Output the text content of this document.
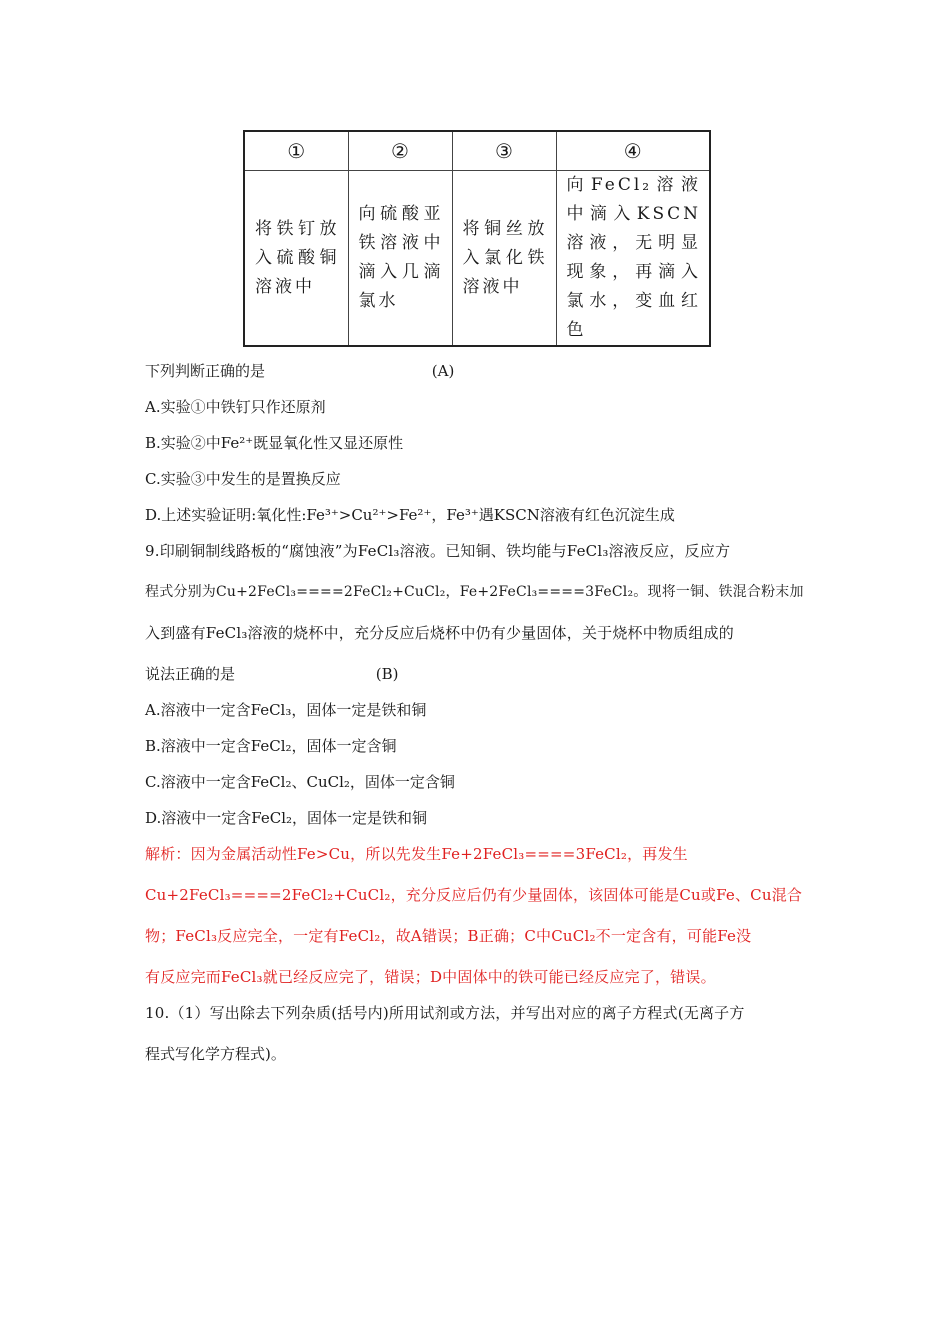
①	②	③	④
将铁钉放入硫酸铜溶液中	向硫酸亚铁溶液中滴入几滴氯水	将铜丝放入氯化铁溶液中	向FeCl₂溶液中滴入KSCN溶液，无明显现象，再滴入氯水，变血红色
下列判断正确的是	(A)
A.实验①中铁钉只作还原剂
B.实验②中Fe²⁺既显氧化性又显还原性
C.实验③中发生的是置换反应
D.上述实验证明:氧化性:Fe³⁺>Cu²⁺>Fe²⁺，Fe³⁺遇KSCN溶液有红色沉淀生成
9.印刷铜制线路板的“腐蚀液”为FeCl₃溶液。已知铜、铁均能与FeCl₃溶液反应，反应方
程式分别为Cu+2FeCl₃====2FeCl₂+CuCl₂，Fe+2FeCl₃====3FeCl₂。现将一铜、铁混合粉末加
入到盛有FeCl₃溶液的烧杯中，充分反应后烧杯中仍有少量固体，关于烧杯中物质组成的
说法正确的是	(B)
A.溶液中一定含FeCl₃，固体一定是铁和铜
B.溶液中一定含FeCl₂，固体一定含铜
C.溶液中一定含FeCl₂、CuCl₂，固体一定含铜
D.溶液中一定含FeCl₂，固体一定是铁和铜
解析：因为金属活动性Fe>Cu，所以先发生Fe+2FeCl₃====3FeCl₂，再发生
Cu+2FeCl₃====2FeCl₂+CuCl₂，充分反应后仍有少量固体，该固体可能是Cu或Fe、Cu混合
物；FeCl₃反应完全，一定有FeCl₂，故A错误；B正确；C中CuCl₂不一定含有，可能Fe没
有反应完而FeCl₃就已经反应完了，错误；D中固体中的铁可能已经反应完了，错误。
10.（1）写出除去下列杂质(括号内)所用试剂或方法，并写出对应的离子方程式(无离子方
程式写化学方程式)。
